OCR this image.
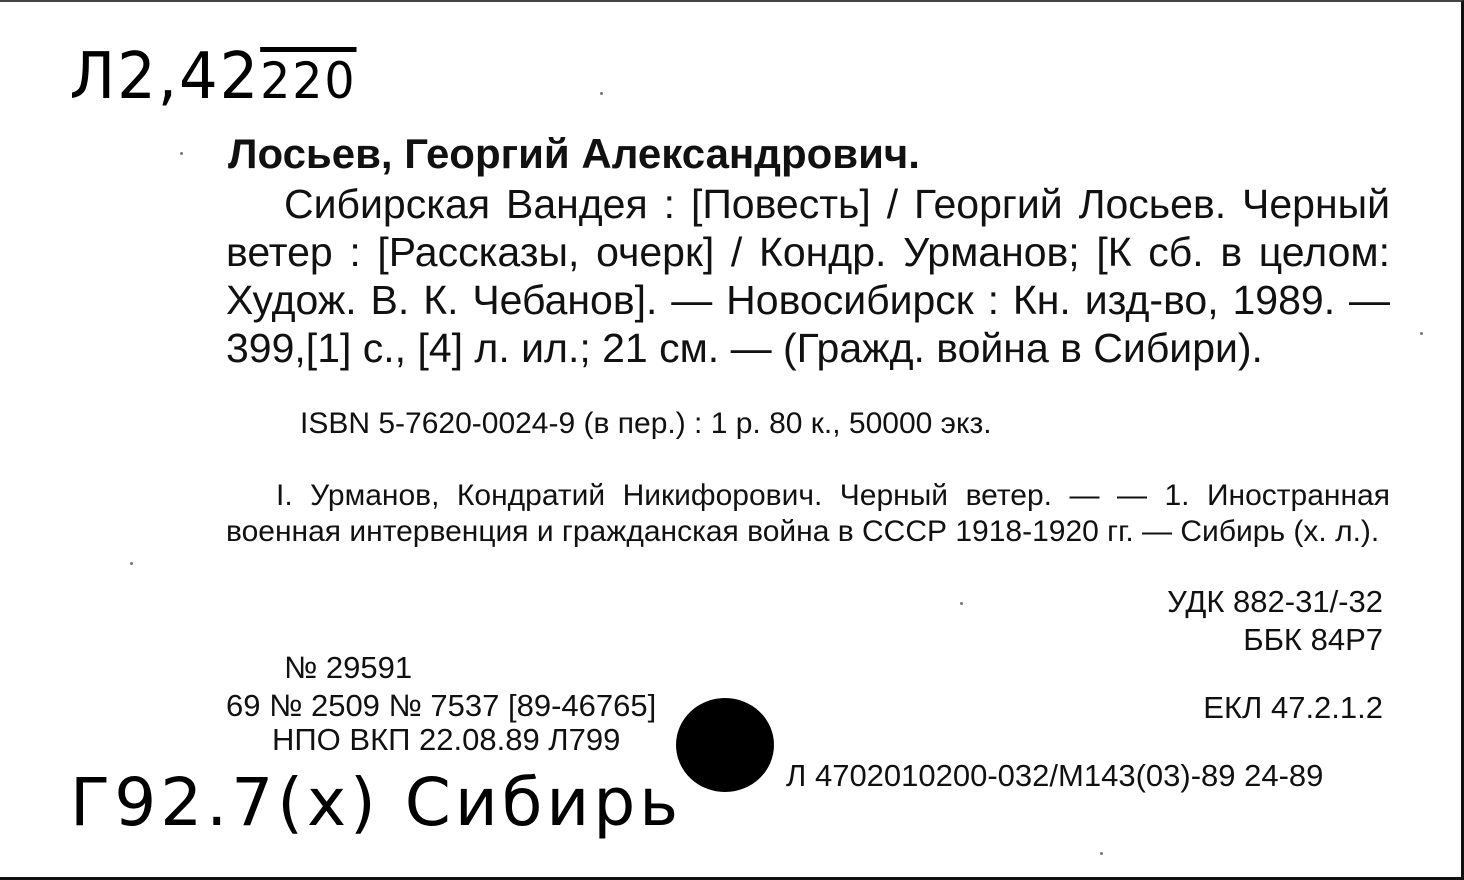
Л2,42220
Лосьев, Георгий Александрович.
Сибирская Вандея : [Повесть] / Георгий Лосьев. Черный ветер : [Рассказы, очерк] / Кондр. Урманов; [К сб. в целом: Худож. В. К. Чебанов]. — Новосибирск : Кн. изд-во, 1989. — 399,[1] с., [4] л. ил.; 21 см. — (Гражд. война в Сибири).
ISBN 5-7620-0024-9 (в пер.) : 1 р. 80 к., 50000 экз.
I. Урманов, Кондратий Никифорович. Черный ветер. — — 1. Иностранная военная интервенция и гражданская война в СССР 1918-1920 гг. — Сибирь (х. л.).
УДК 882-31/-32
ББК 84Р7
№ 29591
69 № 2509 № 7537 [89-46765]
НПО ВКП 22.08.89 Л799
ЕКЛ 47.2.1.2
Л 4702010200-032/М143(03)-89 24-89
Г92.7(х) Сибирь
